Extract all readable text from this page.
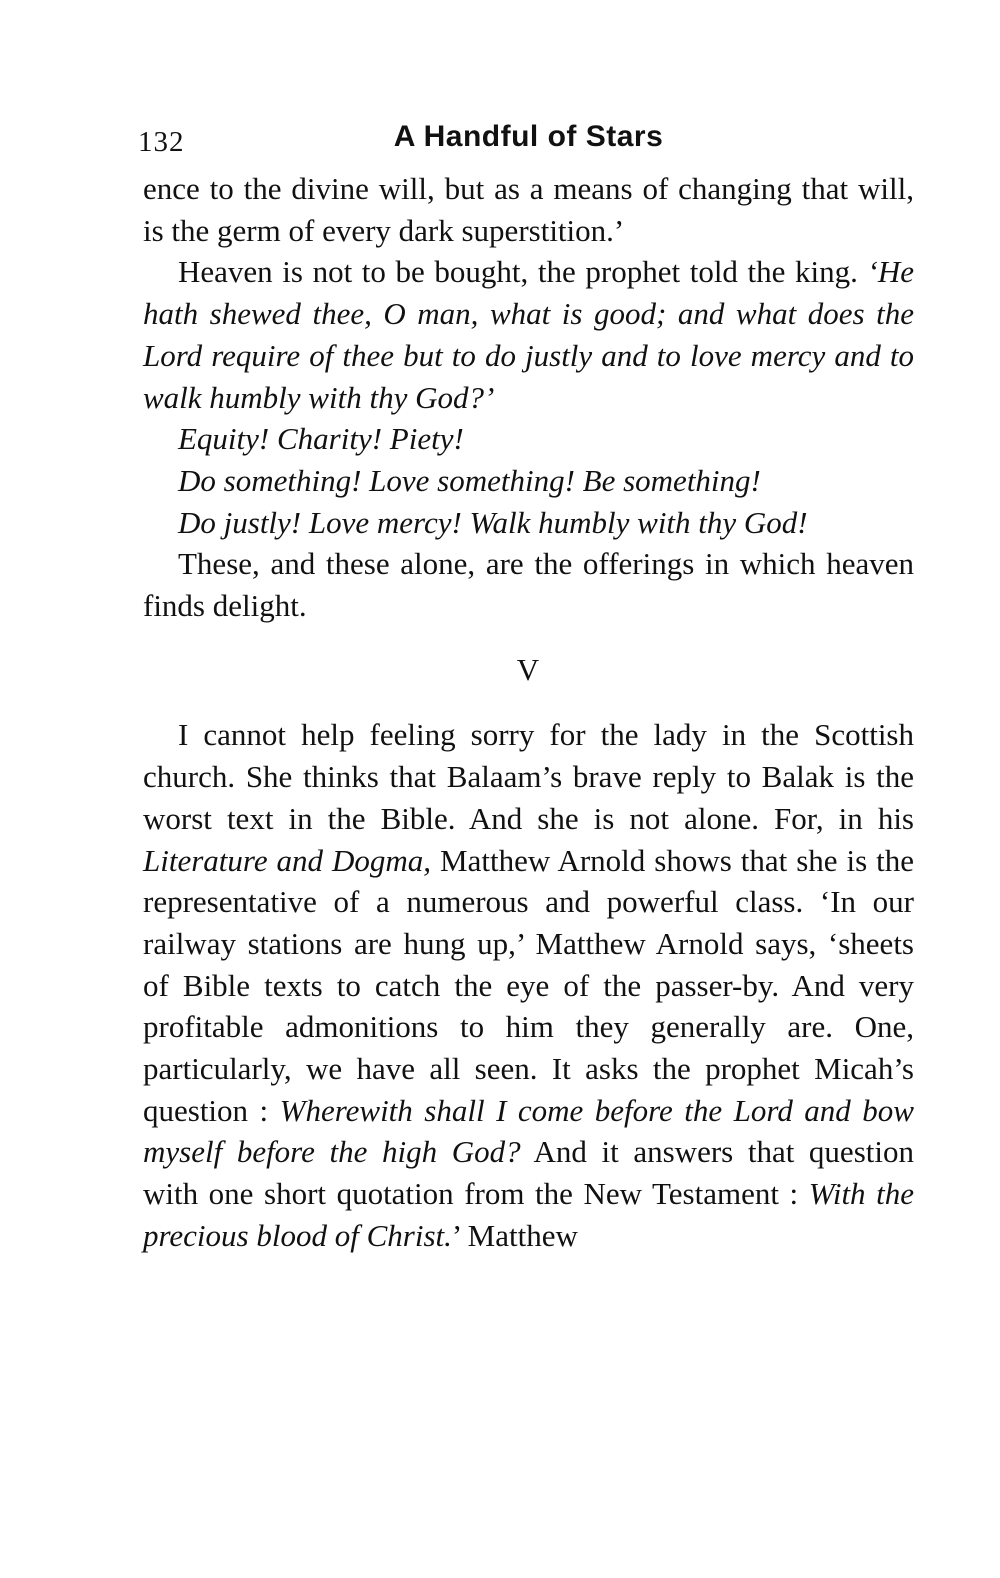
132	A Handful of Stars

ence to the divine will, but as a means of changing that will, is the germ of every dark superstition.’

Heaven is not to be bought, the prophet told the king. ‘He hath shewed thee, O man, what is good; and what does the Lord require of thee but to do justly and to love mercy and to walk humbly with thy God?’

Equity! Charity! Piety!

Do something! Love something! Be something!

Do justly! Love mercy! Walk humbly with thy God!

These, and these alone, are the offerings in which heaven finds delight.

V

I cannot help feeling sorry for the lady in the Scottish church. She thinks that Balaam’s brave reply to Balak is the worst text in the Bible. And she is not alone. For, in his Literature and Dogma, Matthew Arnold shows that she is the representative of a numerous and powerful class. ‘In our railway stations are hung up,’ Matthew Arnold says, ‘sheets of Bible texts to catch the eye of the passer-by. And very profitable admonitions to him they generally are. One, particularly, we have all seen. It asks the prophet Micah’s question : Wherewith shall I come before the Lord and bow myself before the high God? And it answers that question with one short quotation from the New Testament : With the precious blood of Christ.’ Matthew
